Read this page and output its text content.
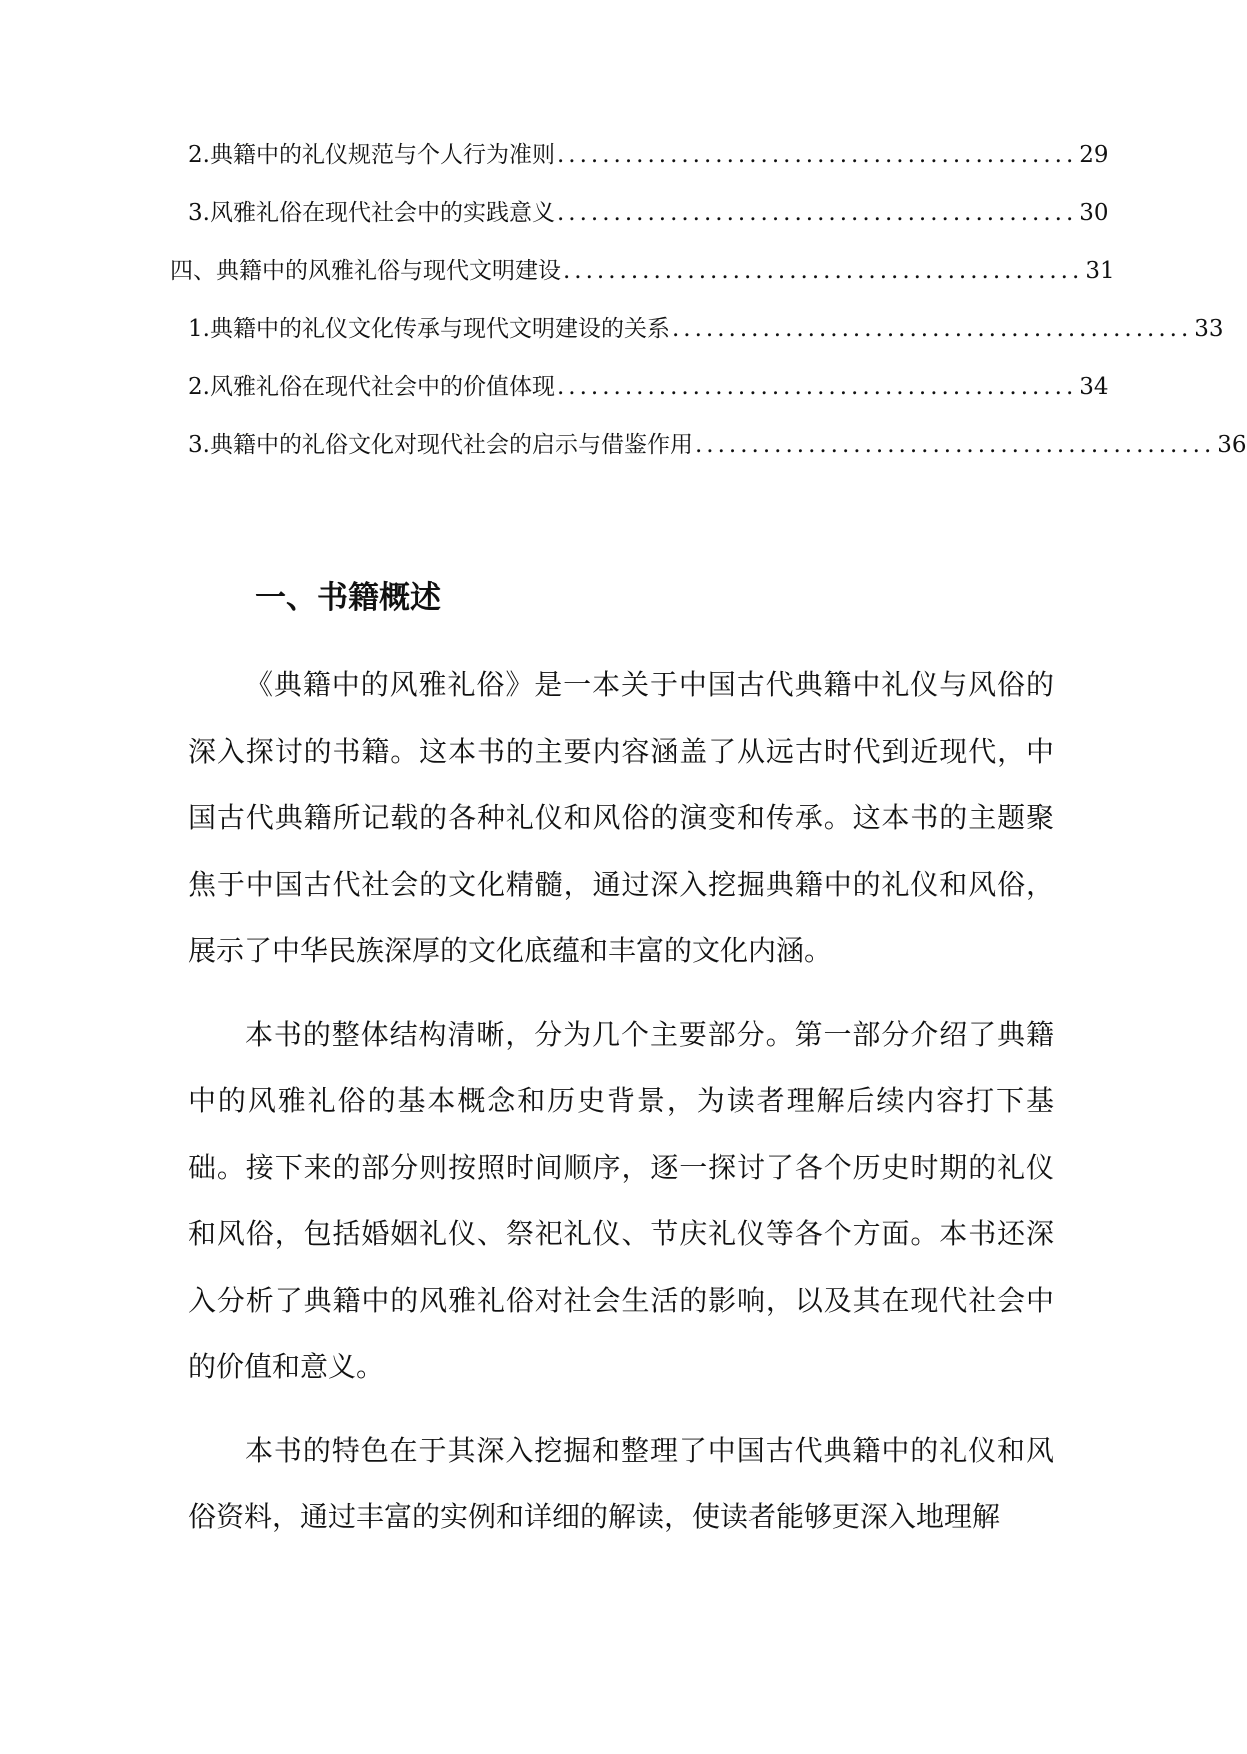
2. 典籍中的礼仪规范与个人行为准则 .............................................. 29
3. 风雅礼俗在现代社会中的实践意义 .............................................. 30
四、典籍中的风雅礼俗与现代文明建设 .............................................. 31
1. 典籍中的礼仪文化传承与现代文明建设的关系 .............................................. 33
2. 风雅礼俗在现代社会中的价值体现 .............................................. 34
3. 典籍中的礼俗文化对现代社会的启示与借鉴作用 .............................................. 36
一、书籍概述

《典籍中的风雅礼俗》是一本关于中国古代典籍中礼仪与风俗的深入探讨的书籍。这本书的主要内容涵盖了从远古时代到近现代，中国古代典籍所记载的各种礼仪和风俗的演变和传承。这本书的主题聚焦于中国古代社会的文化精髓，通过深入挖掘典籍中的礼仪和风俗，展示了中华民族深厚的文化底蕴和丰富的文化内涵。

本书的整体结构清晰，分为几个主要部分。第一部分介绍了典籍中的风雅礼俗的基本概念和历史背景，为读者理解后续内容打下基础。接下来的部分则按照时间顺序，逐一探讨了各个历史时期的礼仪和风俗，包括婚姻礼仪、祭祀礼仪、节庆礼仪等各个方面。本书还深入分析了典籍中的风雅礼俗对社会生活的影响，以及其在现代社会中的价值和意义。

本书的特色在于其深入挖掘和整理了中国古代典籍中的礼仪和风俗资料，通过丰富的实例和详细的解读，使读者能够更深入地理解
